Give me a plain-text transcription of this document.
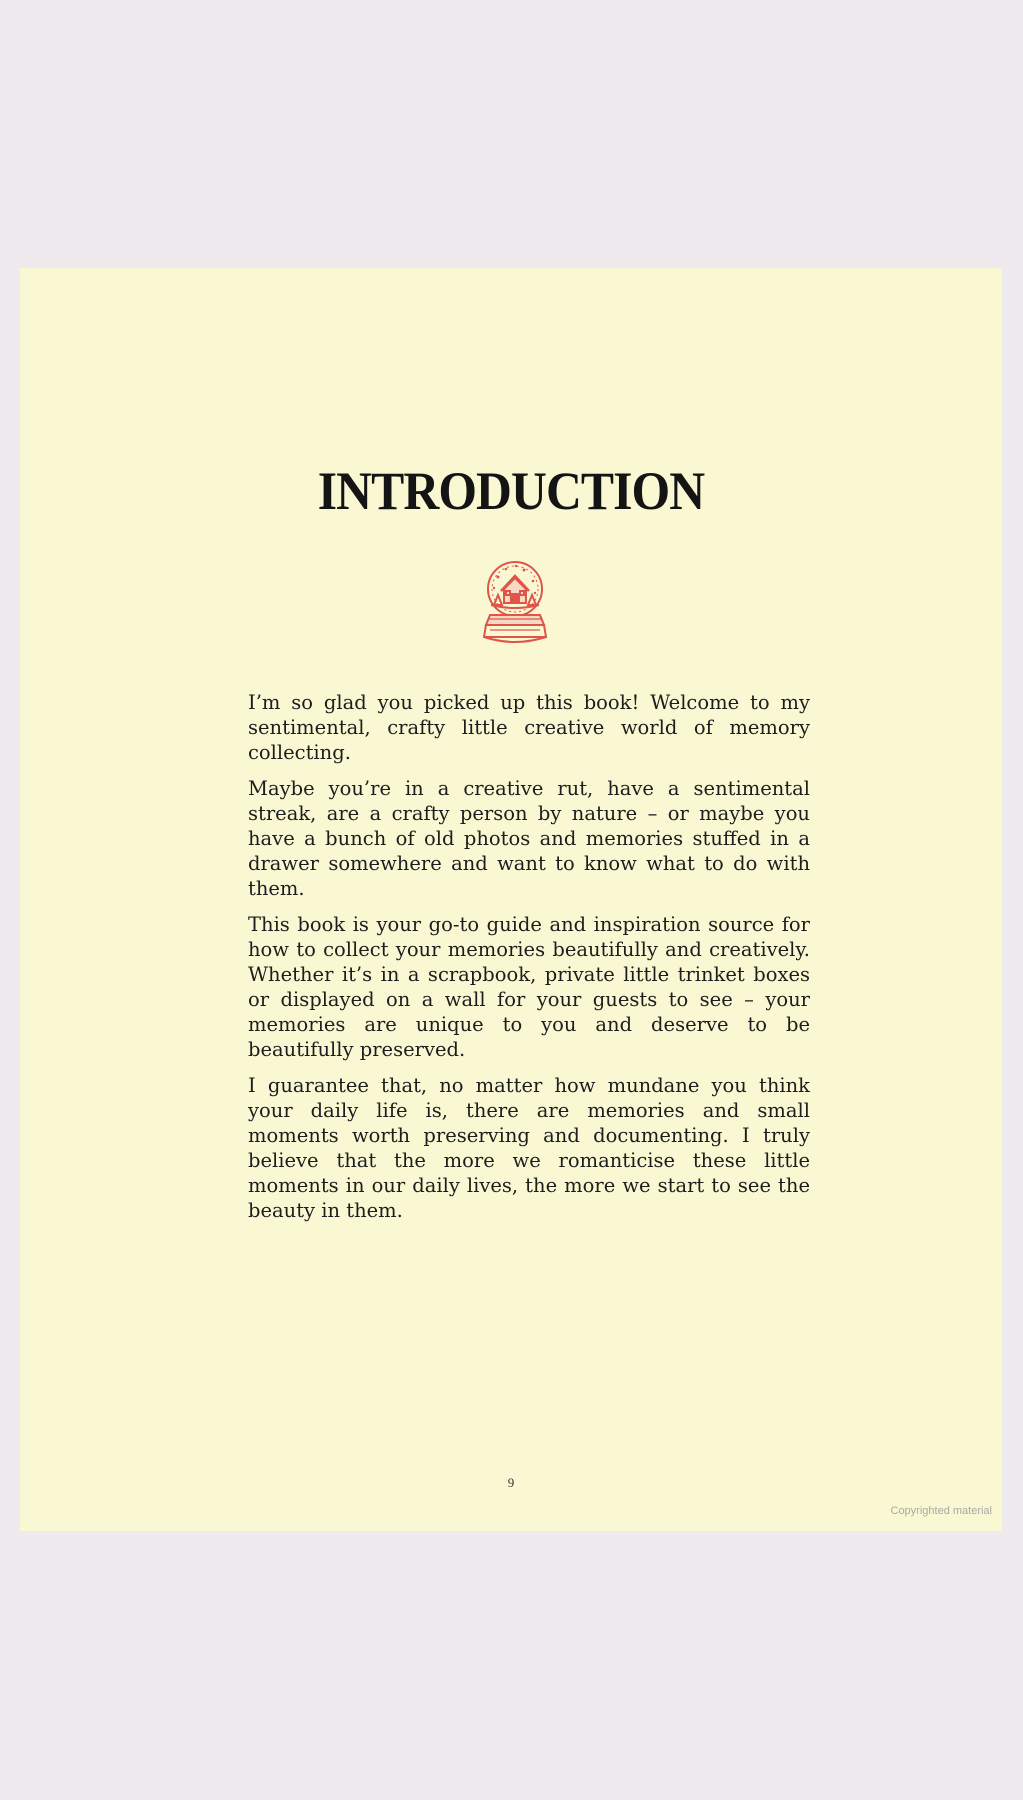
INTRODUCTION

I’m so glad you picked up this book! Welcome to my sentimental, crafty little creative world of memory collecting.

Maybe you’re in a creative rut, have a sentimental streak, are a crafty person by nature – or maybe you have a bunch of old photos and memories stuffed in a drawer somewhere and want to know what to do with them.

This book is your go-to guide and inspiration source for how to collect your memories beautifully and creatively. Whether it’s in a scrapbook, private little trinket boxes or displayed on a wall for your guests to see – your memories are unique to you and deserve to be beautifully preserved.

I guarantee that, no matter how mundane you think your daily life is, there are memories and small moments worth preserving and documenting. I truly believe that the more we romanticise these little moments in our daily lives, the more we start to see the beauty in them.

9
Copyrighted material
